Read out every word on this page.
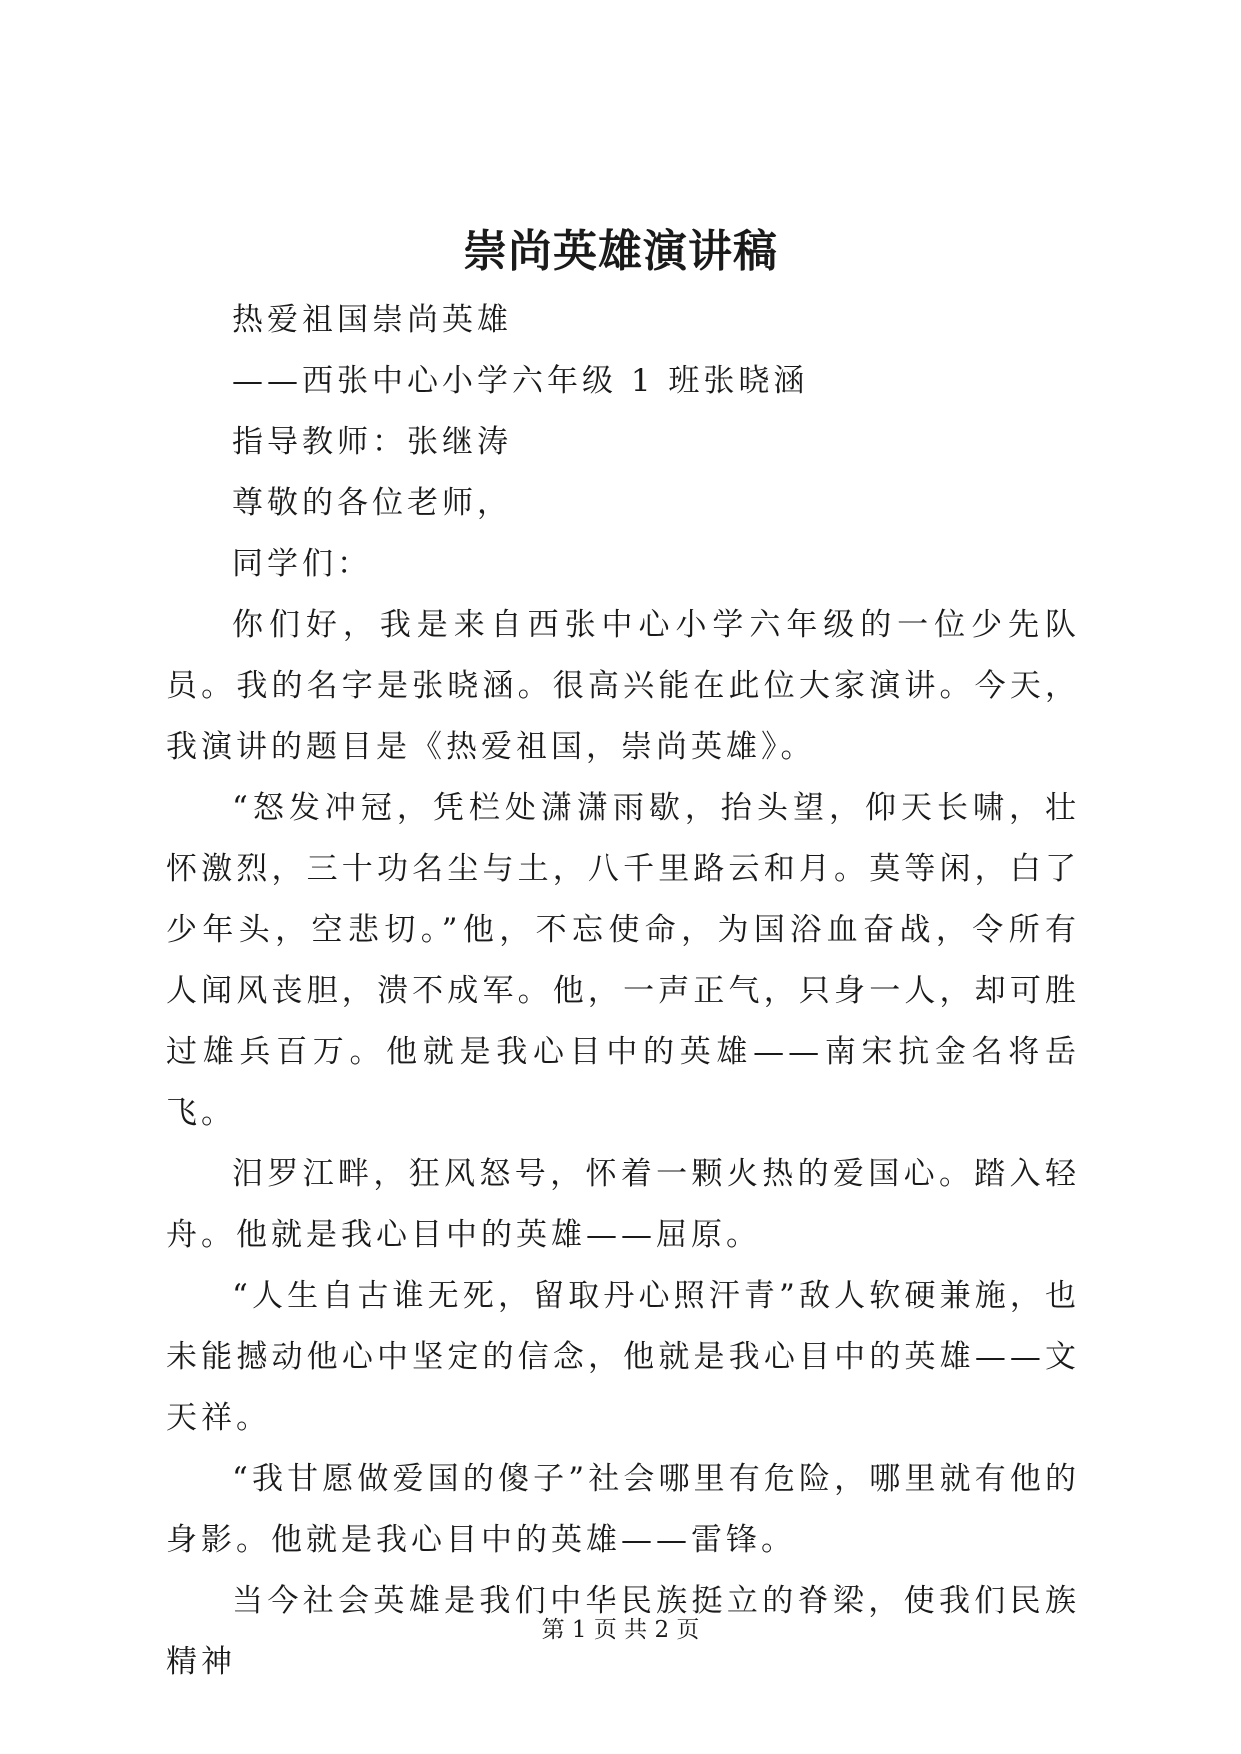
崇尚英雄演讲稿

热爱祖国崇尚英雄

——西张中心小学六年级 1 班张晓涵

指导教师：张继涛

尊敬的各位老师，

同学们：

你们好，我是来自西张中心小学六年级的一位少先队员。我的名字是张晓涵。很高兴能在此位大家演讲。今天，我演讲的题目是《热爱祖国，崇尚英雄》。

“怒发冲冠，凭栏处潇潇雨歇，抬头望，仰天长啸，壮怀激烈，三十功名尘与土，八千里路云和月。莫等闲，白了少年头，空悲切。”他，不忘使命，为国浴血奋战，令所有人闻风丧胆，溃不成军。他，一声正气，只身一人，却可胜过雄兵百万。他就是我心目中的英雄——南宋抗金名将岳飞。

汨罗江畔，狂风怒号，怀着一颗火热的爱国心。踏入轻舟。他就是我心目中的英雄——屈原。

“人生自古谁无死，留取丹心照汗青”敌人软硬兼施，也未能撼动他心中坚定的信念，他就是我心目中的英雄——文天祥。

“我甘愿做爱国的傻子”社会哪里有危险，哪里就有他的身影。他就是我心目中的英雄——雷锋。

当今社会英雄是我们中华民族挺立的脊梁，使我们民族精神

第 1 页 共 2 页
